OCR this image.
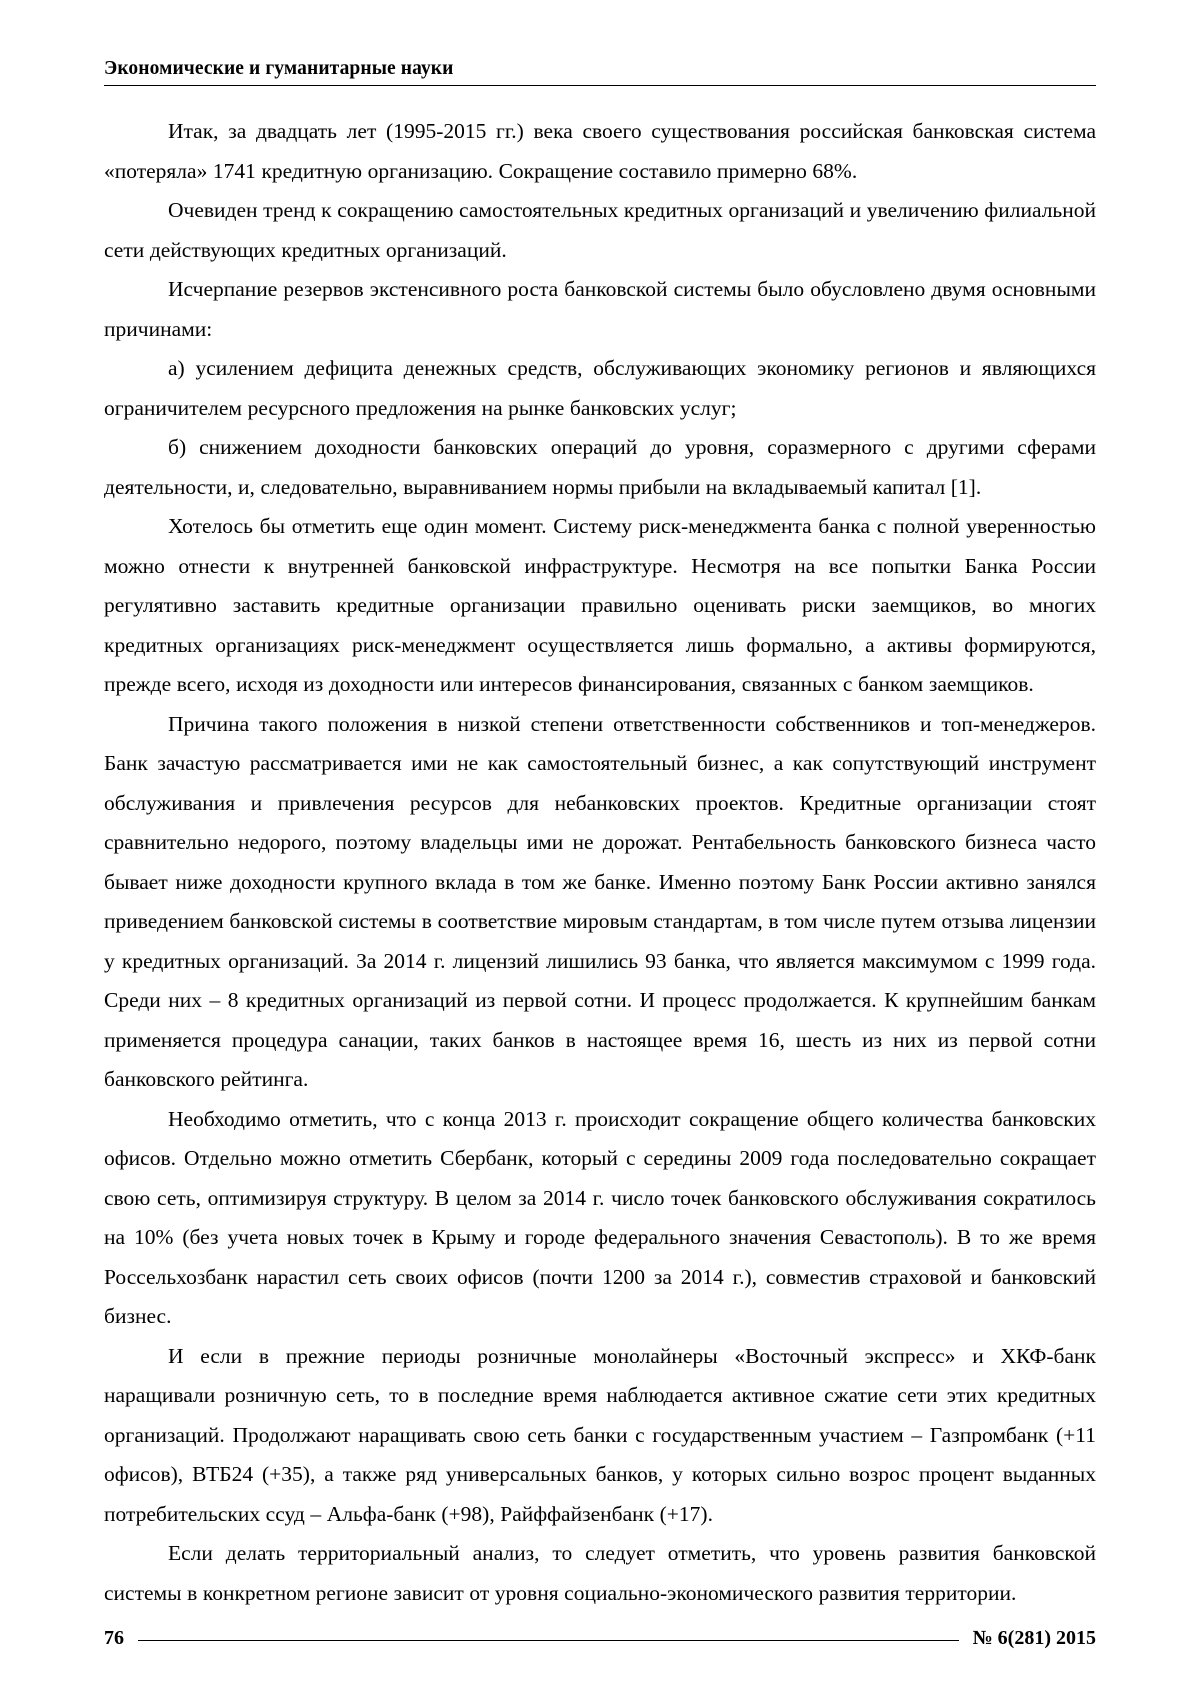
Экономические и гуманитарные науки

Итак, за двадцать лет (1995-2015 гг.) века своего существования российская банковская система «потеряла» 1741 кредитную организацию. Сокращение составило примерно 68%.

Очевиден тренд к сокращению самостоятельных кредитных организаций и увеличению филиальной сети действующих кредитных организаций.

Исчерпание резервов экстенсивного роста банковской системы было обусловлено двумя основными причинами:

а) усилением дефицита денежных средств, обслуживающих экономику регионов и являющихся ограничителем ресурсного предложения на рынке банковских услуг;

б) снижением доходности банковских операций до уровня, соразмерного с другими сферами деятельности, и, следовательно, выравниванием нормы прибыли на вкладываемый капитал [1].

Хотелось бы отметить еще один момент. Систему риск-менеджмента банка с полной уверенностью можно отнести к внутренней банковской инфраструктуре. Несмотря на все попытки Банка России регулятивно заставить кредитные организации правильно оценивать риски заемщиков, во многих кредитных организациях риск-менеджмент осуществляется лишь формально, а активы формируются, прежде всего, исходя из доходности или интересов финансирования, связанных с банком заемщиков.

Причина такого положения в низкой степени ответственности собственников и топ-менеджеров. Банк зачастую рассматривается ими не как самостоятельный бизнес, а как сопутствующий инструмент обслуживания и привлечения ресурсов для небанковских проектов. Кредитные организации стоят сравнительно недорого, поэтому владельцы ими не дорожат. Рентабельность банковского бизнеса часто бывает ниже доходности крупного вклада в том же банке. Именно поэтому Банк России активно занялся приведением банковской системы в соответствие мировым стандартам, в том числе путем отзыва лицензии у кредитных организаций. За 2014 г. лицензий лишились 93 банка, что является максимумом с 1999 года. Среди них – 8 кредитных организаций из первой сотни. И процесс продолжается. К крупнейшим банкам применяется процедура санации, таких банков в настоящее время 16, шесть из них из первой сотни банковского рейтинга.

Необходимо отметить, что с конца 2013 г. происходит сокращение общего количества банковских офисов. Отдельно можно отметить Сбербанк, который с середины 2009 года последовательно сокращает свою сеть, оптимизируя структуру. В целом за 2014 г. число точек банковского обслуживания сократилось на 10% (без учета новых точек в Крыму и городе федерального значения Севастополь). В то же время Россельхозбанк нарастил сеть своих офисов (почти 1200 за 2014 г.), совместив страховой и банковский бизнес.

И если в прежние периоды розничные монолайнеры «Восточный экспресс» и ХКФ-банк наращивали розничную сеть, то в последние время наблюдается активное сжатие сети этих кредитных организаций. Продолжают наращивать свою сеть банки с государственным участием – Газпромбанк (+11 офисов), ВТБ24 (+35), а также ряд универсальных банков, у которых сильно возрос процент выданных потребительских ссуд – Альфа-банк (+98), Райффайзенбанк (+17).

Если делать территориальный анализ, то следует отметить, что уровень развития банковской системы в конкретном регионе зависит от уровня социально-экономического развития территории.

76	№ 6(281) 2015
